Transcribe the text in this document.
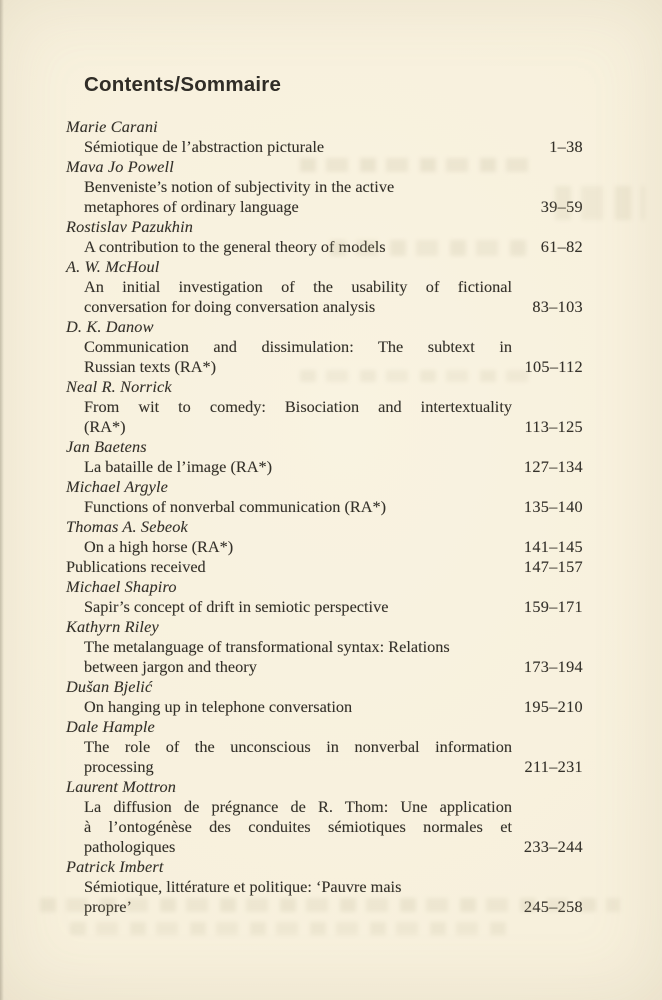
Contents/Sommaire
Marie Carani
Sémiotique de l’abstraction picturale	1–38
Mava Jo Powell
Benveniste’s notion of subjectivity in the active
metaphores of ordinary language	39–59
Rostislav Pazukhin
A contribution to the general theory of models	61–82
A. W. McHoul
An initial investigation of the usability of fictional
conversation for doing conversation analysis	83–103
D. K. Danow
Communication and dissimulation: The subtext in
Russian texts (RA*)	105–112
Neal R. Norrick
From wit to comedy: Bisociation and intertextuality
(RA*)	113–125
Jan Baetens
La bataille de l’image (RA*)	127–134
Michael Argyle
Functions of nonverbal communication (RA*)	135–140
Thomas A. Sebeok
On a high horse (RA*)	141–145
Publications received	147–157
Michael Shapiro
Sapir’s concept of drift in semiotic perspective	159–171
Kathyrn Riley
The metalanguage of transformational syntax: Relations
between jargon and theory	173–194
Dušan Bjelić
On hanging up in telephone conversation	195–210
Dale Hample
The role of the unconscious in nonverbal information
processing	211–231
Laurent Mottron
La diffusion de prégnance de R. Thom: Une application
à l’ontogénèse des conduites sémiotiques normales et
pathologiques	233–244
Patrick Imbert
Sémiotique, littérature et politique: ‘Pauvre mais
propre’	245–258
